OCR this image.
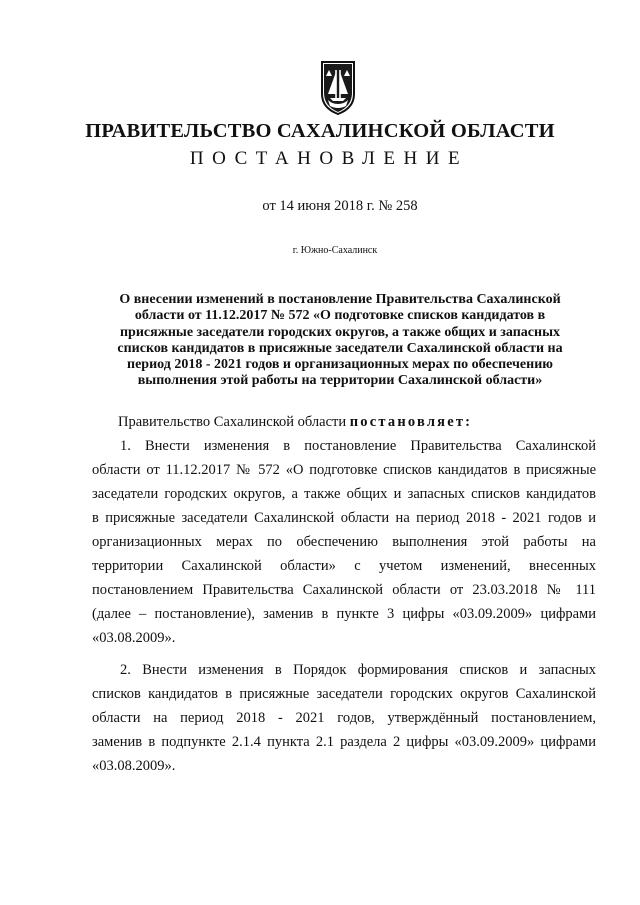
ПРАВИТЕЛЬСТВО САХАЛИНСКОЙ ОБЛАСТИ
ПОСТАНОВЛЕНИЕ
от 14 июня 2018 г. № 258
г. Южно-Сахалинск
О внесении изменений в постановление Правительства Сахалинской
области от 11.12.2017 № 572 «О подготовке списков кандидатов в
присяжные заседатели городских округов, а также общих и запасных
списков кандидатов в присяжные заседатели Сахалинской области на
период 2018 - 2021 годов и организационных мерах по обеспечению
выполнения этой работы на территории Сахалинской области»
Правительство Сахалинской области постановляет:
1. Внести изменения в постановление Правительства Сахалинской
области от 11.12.2017 № 572 «О подготовке списков кандидатов в присяжные
заседатели городских округов, а также общих и запасных списков кандидатов
в присяжные заседатели Сахалинской области на период 2018 - 2021 годов и
организационных мерах по обеспечению выполнения этой работы на
территории Сахалинской области» с учетом изменений, внесенных
постановлением Правительства Сахалинской области от 23.03.2018 № 111
(далее – постановление), заменив в пункте 3 цифры «03.09.2009» цифрами
«03.08.2009».
2. Внести изменения в Порядок формирования списков и запасных
списков кандидатов в присяжные заседатели городских округов Сахалинской
области на период 2018 - 2021 годов, утверждённый постановлением,
заменив в подпункте 2.1.4 пункта 2.1 раздела 2 цифры «03.09.2009» цифрами
«03.08.2009».
